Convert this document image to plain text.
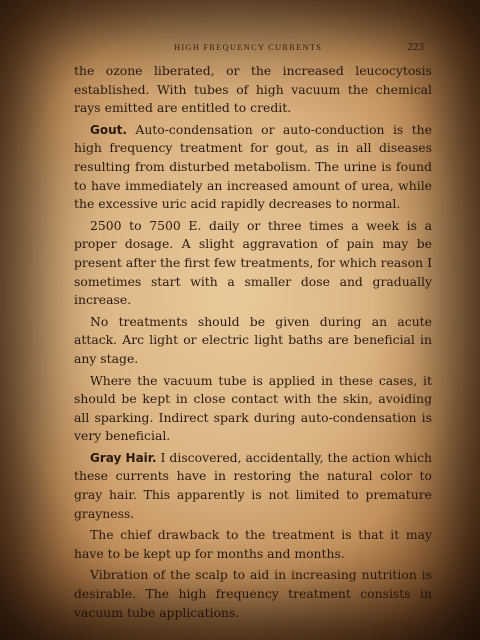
HIGH FREQUENCY CURRENTS	223

the ozone liberated, or the increased leucocytosis established. With tubes of high vacuum the chemical rays emitted are entitled to credit.

Gout. Auto-condensation or auto-conduction is the high frequency treatment for gout, as in all diseases resulting from disturbed metabolism. The urine is found to have immediately an increased amount of urea, while the excessive uric acid rapidly decreases to normal.

2500 to 7500 E. daily or three times a week is a proper dosage. A slight aggravation of pain may be present after the first few treatments, for which reason I sometimes start with a smaller dose and gradually increase.

No treatments should be given during an acute attack. Arc light or electric light baths are beneficial in any stage.

Where the vacuum tube is applied in these cases, it should be kept in close contact with the skin, avoiding all sparking. Indirect spark during auto-condensation is very beneficial.

Gray Hair. I discovered, accidentally, the action which these currents have in restoring the natural color to gray hair. This apparently is not limited to premature grayness.

The chief drawback to the treatment is that it may have to be kept up for months and months.

Vibration of the scalp to aid in increasing nutrition is desirable. The high frequency treatment consists in vacuum tube applications.
